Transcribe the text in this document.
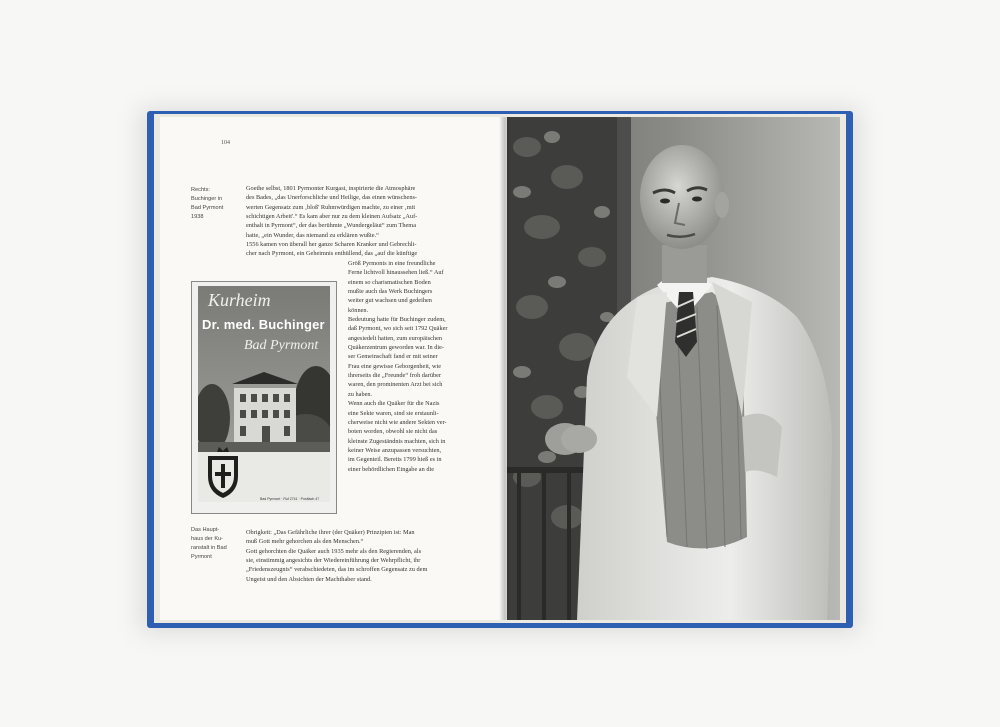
104
Rechts:
Buchinger in
Bad Pyrmont
1938
Das Haupt-
haus der Ku-
ranstalt in Bad
Pyrmont
Goethe selbst, 1801 Pyrmonter Kurgast, inspirierte die Atmosphäre
des Bades, „das Unerforschliche und Heilige, das einen wünschens-
werten Gegensatz zum ‚bloß' Ruhmwürdigen machte, zu einer ‚mit
schichtigen Arbeit'.“ Es kam aber nur zu dem kleinen Aufsatz „Auf-
enthalt in Pyrmont“, der das berühmte „Wundergeläut“ zum Thema
hatte, „ein Wunder, das niemand zu erklären wußte.“
1556 kamen von überall her ganze Scharen Kranker und Gebrechli-
cher nach Pyrmont, ein Geheimnis enthüllend, das „auf die künftige
Größ Pyrmonts in eine freundliche
Ferne lichtvoll hinaussehen ließ.“ Auf
einem so charismatischen Boden
mußte auch das Werk Buchingers
weiter gut wachsen und gedeihen
können.
Bedeutung hatte für Buchinger zudem,
daß Pyrmont, wo sich seit 1792 Quäker
angesiedelt hatten, zum europäischen
Quäkerzentrum geworden war. In die-
ser Gemeinschaft fand er mit seiner
Frau eine gewisse Geborgenheit, wie
ihrerseits die „Freunde“ froh darüber
waren, den prominenten Arzt bei sich
zu haben.
Wenn auch die Quäker für die Nazis
eine Sekte waren, sind sie erstaunli-
cherweise nicht wie andere Sekten ver-
boten worden, obwohl sie nicht das
kleinste Zugeständnis machten, sich in
keiner Weise anzupassen versuchten,
im Gegenteil. Bereits 1799 hieß es in
einer behördlichen Eingabe an die
Obrigkeit: „Das Gefährliche ihrer (der Quäker) Prinzipien ist: Man
muß Gott mehr gehorchen als den Menschen.“
Gott gehorchten die Quäker auch 1935 mehr als den Regierenden, als
sie, einstimmig angesichts der Wiedereinführung der Wehrpflicht, ihr
„Friedenszeugnis“ verabschiedeten, das im schroffen Gegensatz zu dem
Ungeist und den Absichten der Machthaber stand.
Kurheim
Dr. med. Buchinger
Bad Pyrmont
Bad Pyrmont · Ruf 2741 · Postfach 47
